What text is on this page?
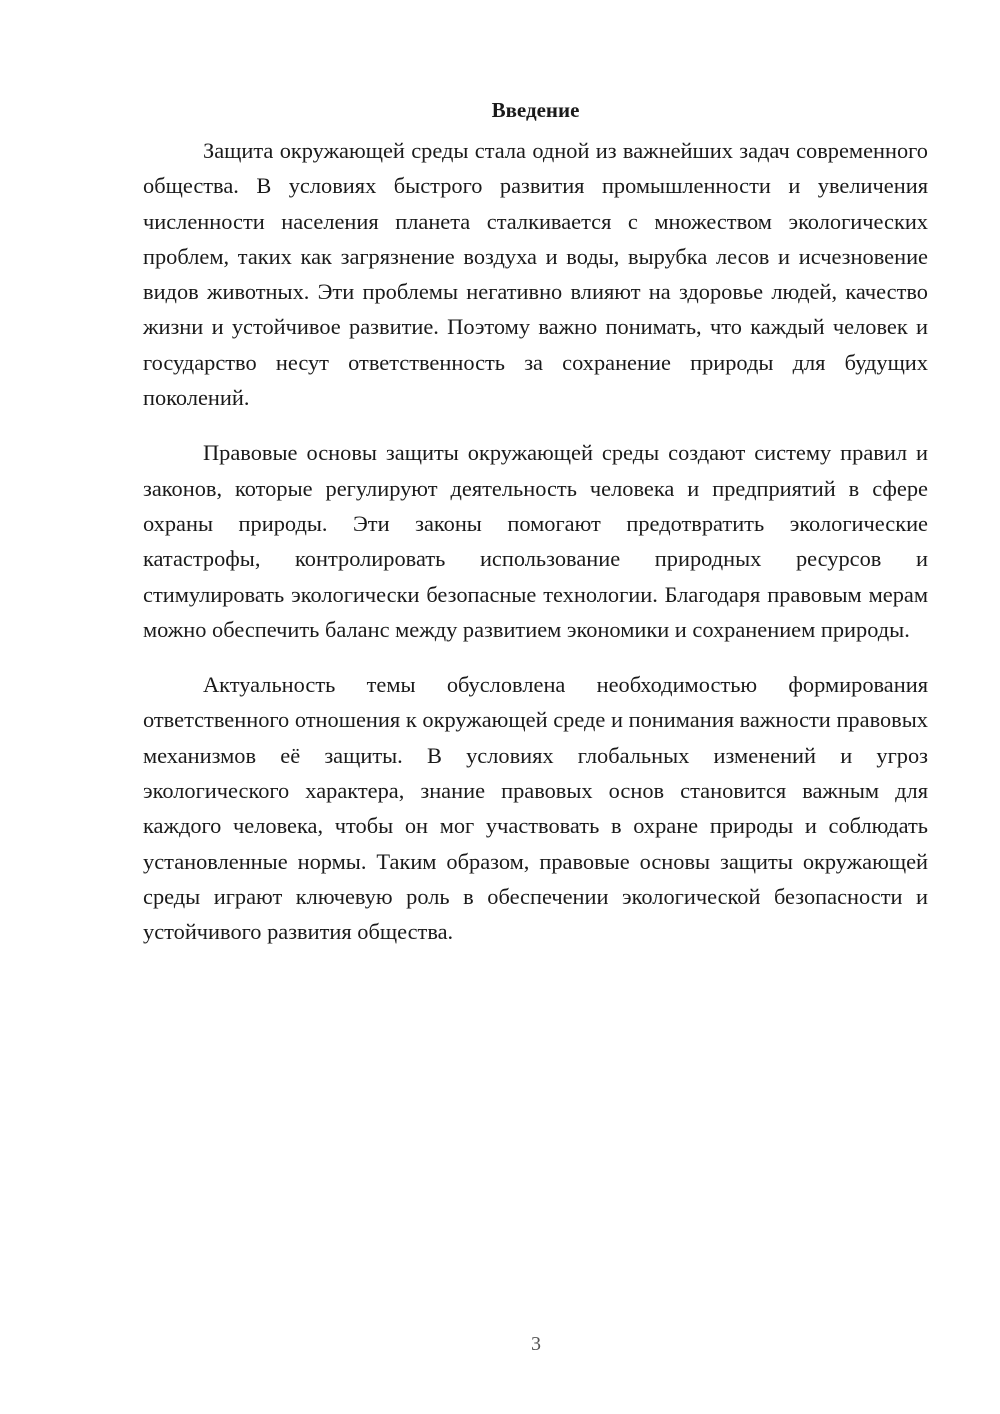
Введение

Защита окружающей среды стала одной из важнейших задач современного общества. В условиях быстрого развития промышленности и увеличения численности населения планета сталкивается с множеством экологических проблем, таких как загрязнение воздуха и воды, вырубка лесов и исчезновение видов животных. Эти проблемы негативно влияют на здоровье людей, качество жизни и устойчивое развитие. Поэтому важно понимать, что каждый человек и государство несут ответственность за сохранение природы для будущих поколений.

Правовые основы защиты окружающей среды создают систему правил и законов, которые регулируют деятельность человека и предприятий в сфере охраны природы. Эти законы помогают предотвратить экологические катастрофы, контролировать использование природных ресурсов и стимулировать экологически безопасные технологии. Благодаря правовым мерам можно обеспечить баланс между развитием экономики и сохранением природы.

Актуальность темы обусловлена необходимостью формирования ответственного отношения к окружающей среде и понимания важности правовых механизмов её защиты. В условиях глобальных изменений и угроз экологического характера, знание правовых основ становится важным для каждого человека, чтобы он мог участвовать в охране природы и соблюдать установленные нормы. Таким образом, правовые основы защиты окружающей среды играют ключевую роль в обеспечении экологической безопасности и устойчивого развития общества.

3
